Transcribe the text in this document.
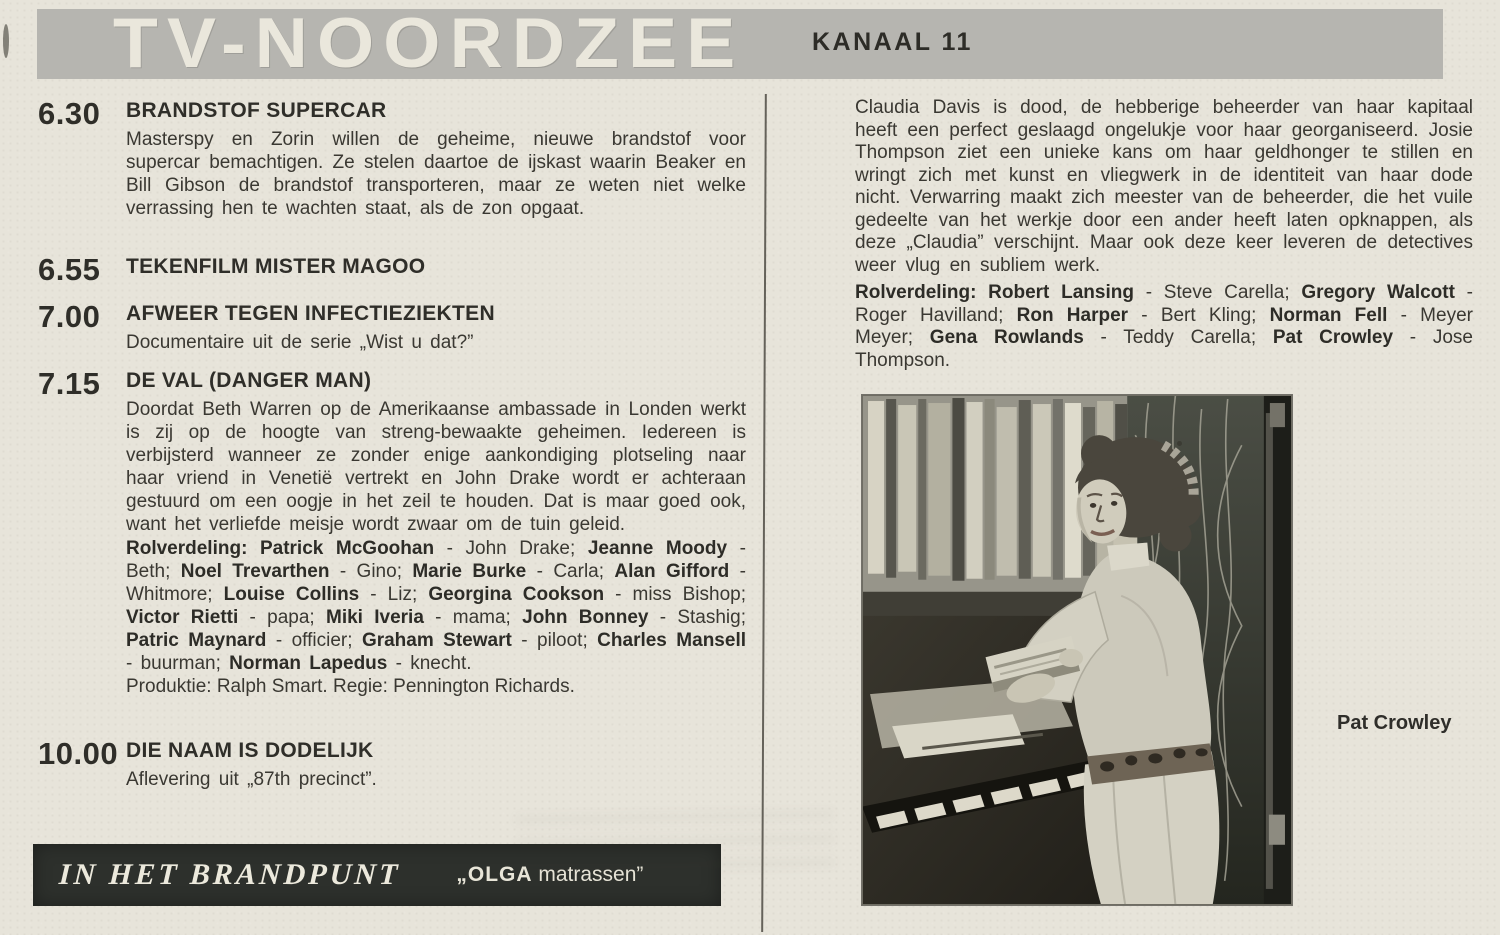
TV-NOORDZEE	KANAAL 11
6.30	BRANDSTOF SUPERCAR
Masterspy en Zorin willen de geheime, nieuwe brandstof voor supercar bemachtigen. Ze stelen daartoe de ijskast waarin Beaker en Bill Gibson de brandstof transporteren, maar ze weten niet welke verrassing hen te wachten staat, als de zon opgaat.
6.55	TEKENFILM MISTER MAGOO
7.00	AFWEER TEGEN INFECTIEZIEKTEN
Documentaire uit de serie „Wist u dat?”
7.15	DE VAL (DANGER MAN)
Doordat Beth Warren op de Amerikaanse ambassade in Londen werkt is zij op de hoogte van streng-bewaakte geheimen. Iedereen is verbijsterd wanneer ze zonder enige aankondiging plotseling naar haar vriend in Venetië vertrekt en John Drake wordt er achteraan gestuurd om een oogje in het zeil te houden. Dat is maar goed ook, want het verliefde meisje wordt zwaar om de tuin geleid.
Rolverdeling: Patrick McGoohan - John Drake; Jeanne Moody - Beth; Noel Trevarthen - Gino; Marie Burke - Carla; Alan Gifford - Whitmore; Louise Collins - Liz; Georgina Cookson - miss Bishop; Victor Rietti - papa; Miki Iveria - mama; John Bonney - Stashig; Patric Maynard - officier; Graham Stewart - piloot; Charles Mansell - buurman; Norman Lapedus - knecht.
Produktie: Ralph Smart. Regie: Pennington Richards.
10.00 DIE NAAM IS DODELIJK
Aflevering uit „87th precinct”.
Claudia Davis is dood, de hebberige beheerder van haar kapitaal heeft een perfect geslaagd ongelukje voor haar georganiseerd. Josie Thompson ziet een unieke kans om haar geldhonger te stillen en wringt zich met kunst en vliegwerk in de identiteit van haar dode nicht. Verwarring maakt zich meester van de beheerder, die het vuile gedeelte van het werkje door een ander heeft laten opknappen, als deze „Claudia” verschijnt. Maar ook deze keer leveren de detectives weer vlug en subliem werk.
Rolverdeling: Robert Lansing - Steve Carella; Gregory Walcott - Roger Havilland; Ron Harper - Bert Kling; Norman Fell - Meyer Meyer; Gena Rowlands - Teddy Carella; Pat Crowley - Jose Thompson.
Pat Crowley
IN HET BRANDPUNT	„OLGA matrassen”
